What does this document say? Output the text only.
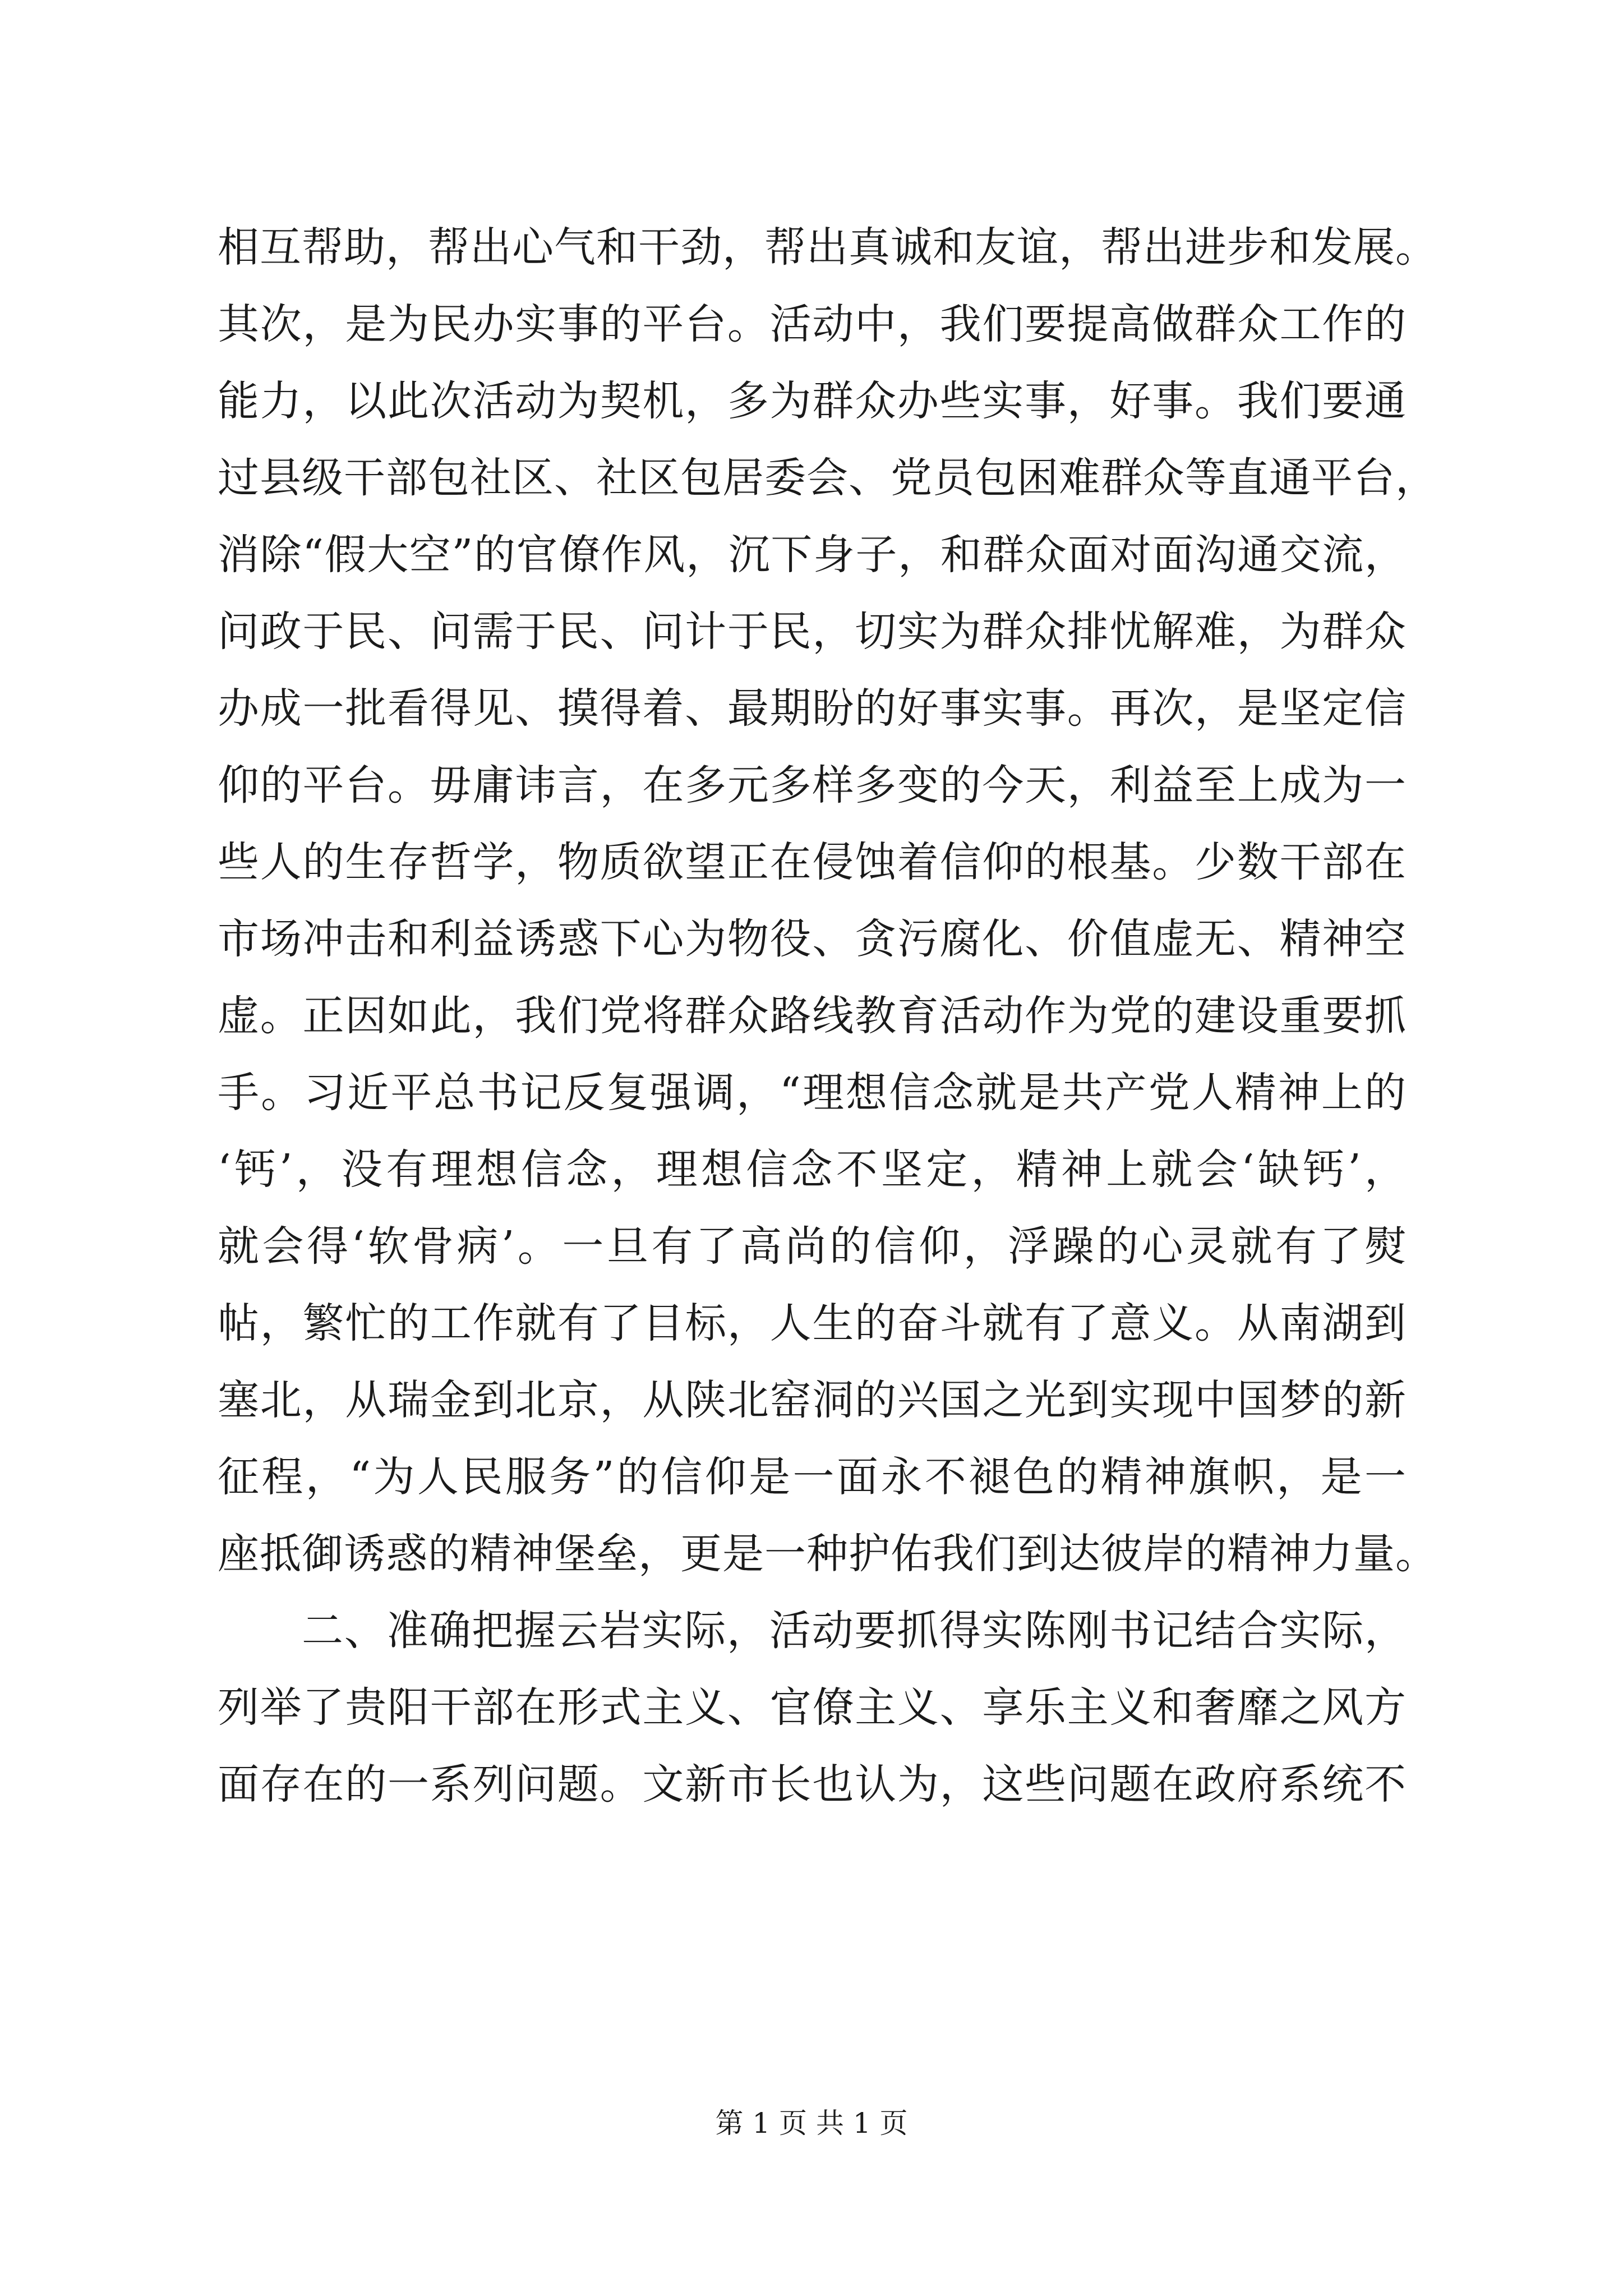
相互帮助，帮出心气和干劲，帮出真诚和友谊，帮出进步和发展。
其次，是为民办实事的平台。活动中，我们要提高做群众工作的
能力，以此次活动为契机，多为群众办些实事，好事。我们要通
过县级干部包社区、社区包居委会、党员包困难群众等直通平台，
消除“假大空”的官僚作风，沉下身子，和群众面对面沟通交流，
问政于民、问需于民、问计于民，切实为群众排忧解难，为群众
办成一批看得见、摸得着、最期盼的好事实事。再次，是坚定信
仰的平台。毋庸讳言，在多元多样多变的今天，利益至上成为一
些人的生存哲学，物质欲望正在侵蚀着信仰的根基。少数干部在
市场冲击和利益诱惑下心为物役、贪污腐化、价值虚无、精神空
虚。正因如此，我们党将群众路线教育活动作为党的建设重要抓
手。习近平总书记反复强调，“理想信念就是共产党人精神上的
‘钙’，没有理想信念，理想信念不坚定，精神上就会‘缺钙’，
就会得‘软骨病’。一旦有了高尚的信仰，浮躁的心灵就有了熨
帖，繁忙的工作就有了目标，人生的奋斗就有了意义。从南湖到
塞北，从瑞金到北京，从陕北窑洞的兴国之光到实现中国梦的新
征程，“为人民服务”的信仰是一面永不褪色的精神旗帜，是一
座抵御诱惑的精神堡垒，更是一种护佑我们到达彼岸的精神力量。
二、准确把握云岩实际，活动要抓得实陈刚书记结合实际，
列举了贵阳干部在形式主义、官僚主义、享乐主义和奢靡之风方
面存在的一系列问题。文新市长也认为，这些问题在政府系统不
第 1 页 共 1 页
